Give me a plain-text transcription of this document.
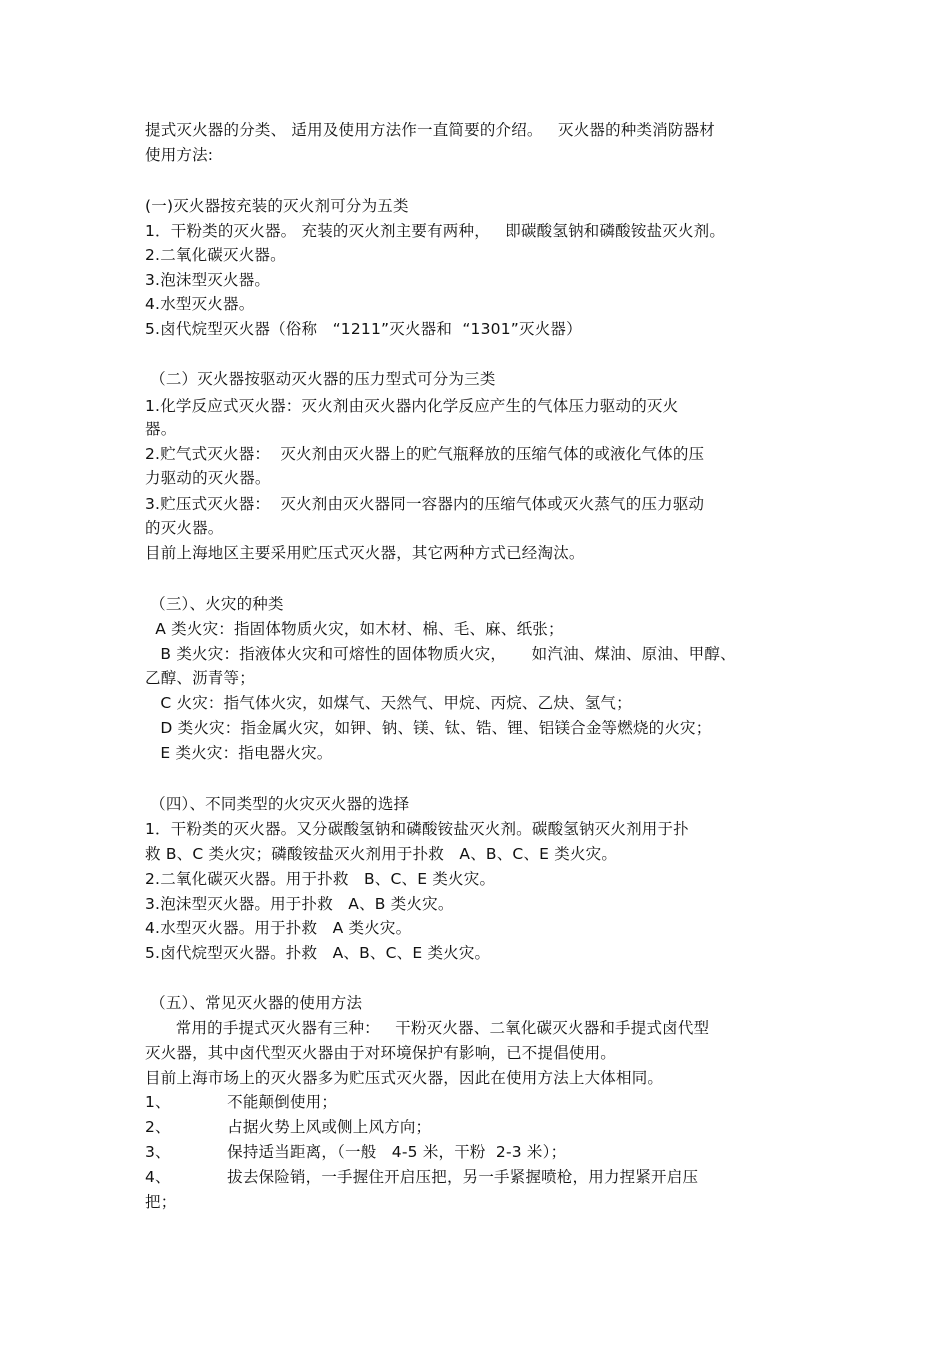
提式灭火器的分类、 适用及使用方法作一直简要的介绍。   灭火器的种类消防器材
使用方法:
(一)灭火器按充装的灭火剂可分为五类
1．干粉类的灭火器。 充装的灭火剂主要有两种，   即碳酸氢钠和磷酸铵盐灭火剂。
2.二氧化碳灭火器。
3.泡沫型灭火器。
4.水型灭火器。
5.卤代烷型灭火器（俗称   “1211”灭火器和  “1301”灭火器）
（二）灭火器按驱动灭火器的压力型式可分为三类
1.化学反应式灭火器：灭火剂由灭火器内化学反应产生的气体压力驱动的灭火
器。
2.贮气式灭火器：  灭火剂由灭火器上的贮气瓶释放的压缩气体的或液化气体的压
力驱动的灭火器。
3.贮压式灭火器：  灭火剂由灭火器同一容器内的压缩气体或灭火蒸气的压力驱动
的灭火器。
目前上海地区主要采用贮压式灭火器，其它两种方式已经淘汰。
（三）、火灾的种类
A 类火灾：指固体物质火灾，如木材、棉、毛、麻、纸张；
B 类火灾：指液体火灾和可熔性的固体物质火灾，     如汽油、煤油、原油、甲醇、
乙醇、沥青等；
C 火灾：指气体火灾，如煤气、天然气、甲烷、丙烷、乙炔、氢气；
D 类火灾：指金属火灾，如钾、钠、镁、钛、锆、锂、铝镁合金等燃烧的火灾；
E 类火灾：指电器火灾。
（四）、不同类型的火灾灭火器的选择
1．干粉类的灭火器。又分碳酸氢钠和磷酸铵盐灭火剂。碳酸氢钠灭火剂用于扑
救 B、C 类火灾；磷酸铵盐灭火剂用于扑救   A、B、C、E 类火灾。
2.二氧化碳灭火器。用于扑救   B、C、E 类火灾。
3.泡沫型灭火器。用于扑救   A、B 类火灾。
4.水型灭火器。用于扑救   A 类火灾。
5.卤代烷型灭火器。扑救   A、B、C、E 类火灾。
（五）、常见灭火器的使用方法
常用的手提式灭火器有三种：   干粉灭火器、二氧化碳灭火器和手提式卤代型
灭火器，其中卤代型灭火器由于对环境保护有影响，已不提倡使用。
目前上海市场上的灭火器多为贮压式灭火器，因此在使用方法上大体相同。
1、           不能颠倒使用；
2、           占据火势上风或侧上风方向；
3、           保持适当距离，（一般   4-5 米，干粉  2-3 米）；
4、           拔去保险销，一手握住开启压把，另一手紧握喷枪，用力捏紧开启压
把；
